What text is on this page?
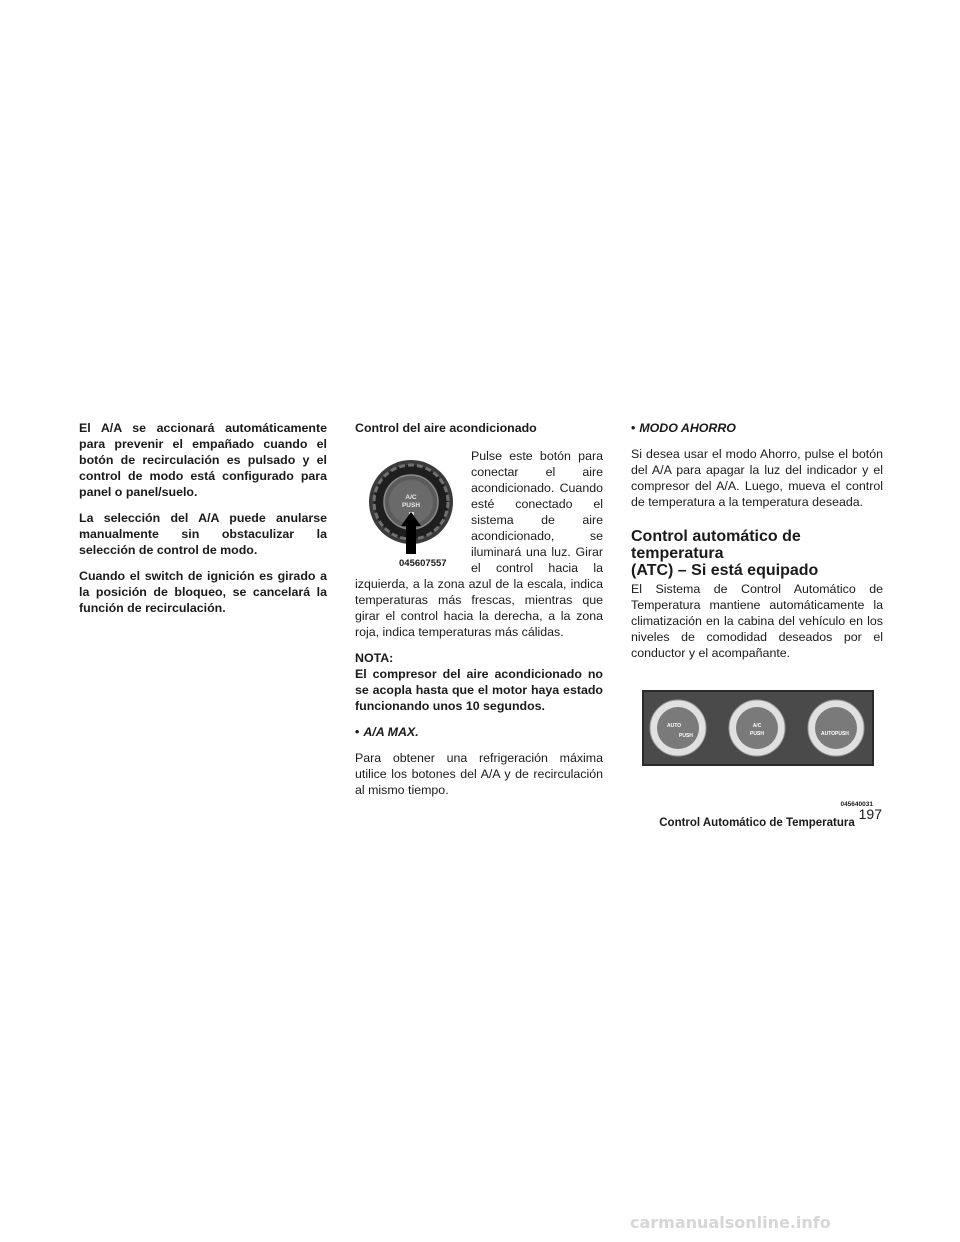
El A/A se accionará automáticamente para prevenir el empañado cuando el botón de recirculación es pulsado y el control de modo está configurado para panel o panel/suelo.

La selección del A/A puede anularse manualmente sin obstaculizar la selección de control de modo.

Cuando el switch de ignición es girado a la posición de bloqueo, se cancelará la función de recirculación.

Control del aire acondicionado
A/C
PUSH
045607557

Pulse este botón para conectar el aire acondicionado. Cuando esté conectado el sistema de aire acondicionado, se iluminará una luz. Girar el control hacia la izquierda, a la zona azul de la escala, indica temperaturas más frescas, mientras que girar el control hacia la derecha, a la zona roja, indica temperaturas más cálidas.

NOTA:

El compresor del aire acondicionado no se acopla hasta que el motor haya estado funcionando unos 10 segundos.

• A/A MAX.

Para obtener una refrigeración máxima utilice los botones del A/A y de recirculación al mismo tiempo.

• MODO AHORRO

Si desea usar el modo Ahorro, pulse el botón del A/A para apagar la luz del indicador y el compresor del A/A. Luego, mueva el control de temperatura a la temperatura deseada.

Control automático de temperatura
(ATC) – Si está equipado

El Sistema de Control Automático de Temperatura mantiene automáticamente la climatización en la cabina del vehículo en los niveles de comodidad deseados por el conductor y el acompañante.

AUTO
PUSH
A/C
PUSH	AUTO PUSH
045640031
Control Automático de Temperatura
197
carmanualsonline.info
